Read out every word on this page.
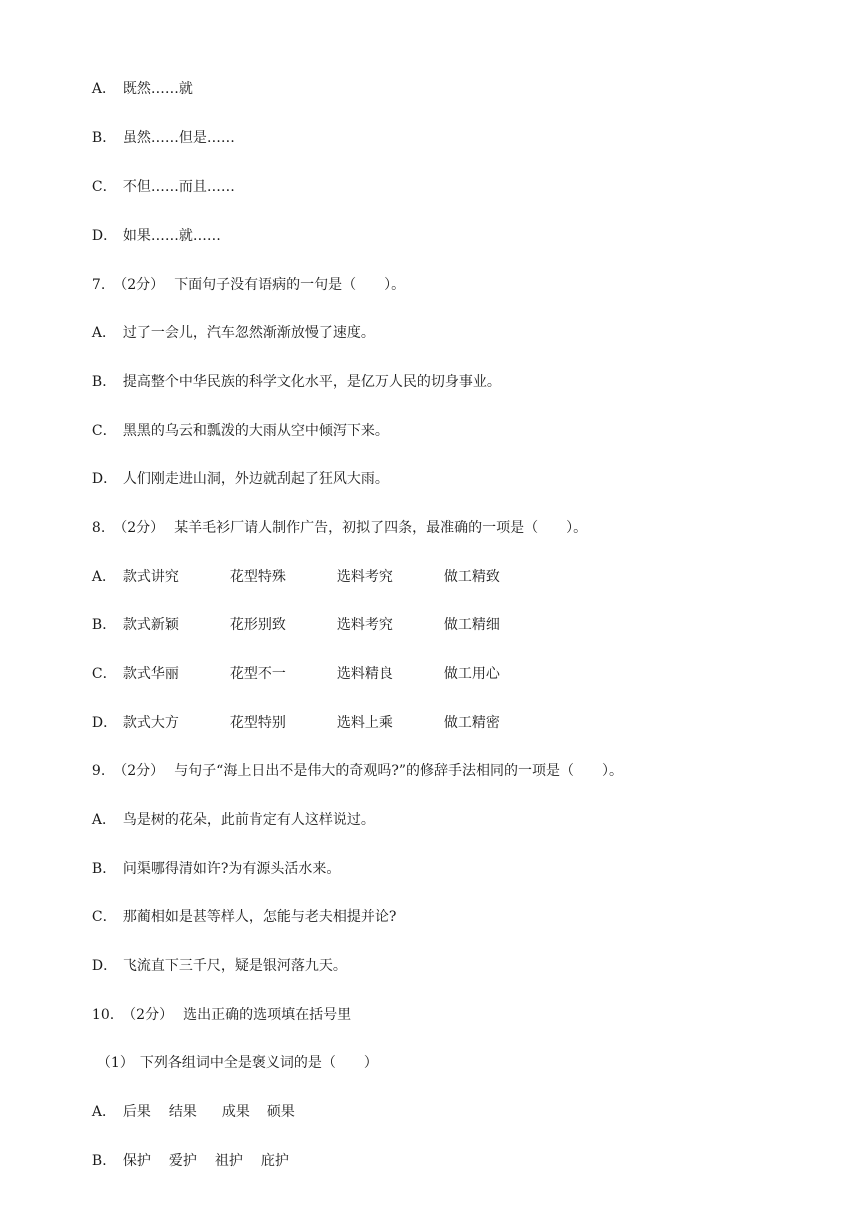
A． 既然……就

B． 虽然……但是……

C． 不但……而且……

D． 如果……就……

7. （2分） 下面句子没有语病的一句是（　　）。

A． 过了一会儿，汽车忽然渐渐放慢了速度。

B． 提高整个中华民族的科学文化水平，是亿万人民的切身事业。

C． 黑黑的乌云和瓢泼的大雨从空中倾泻下来。

D． 人们刚走进山洞，外边就刮起了狂风大雨。

8. （2分） 某羊毛衫厂请人制作广告，初拟了四条，最准确的一项是（　　）。

A． 款式讲究	花型特殊	选料考究	做工精致

B． 款式新颖	花形别致	选料考究	做工精细

C． 款式华丽	花型不一	选料精良	做工用心

D． 款式大方	花型特别	选料上乘	做工精密

9. （2分） 与句子“海上日出不是伟大的奇观吗?”的修辞手法相同的一项是（　　）。

A． 鸟是树的花朵，此前肯定有人这样说过。

B． 问渠哪得清如许?为有源头活水来。

C． 那蔺相如是甚等样人，怎能与老夫相提并论?

D． 飞流直下三千尺，疑是银河落九天。

10. （2分） 选出正确的选项填在括号里

（1） 下列各组词中全是褒义词的是（　　）

A． 后果 结果 成果 硕果

B． 保护 爱护 祖护 庇护
